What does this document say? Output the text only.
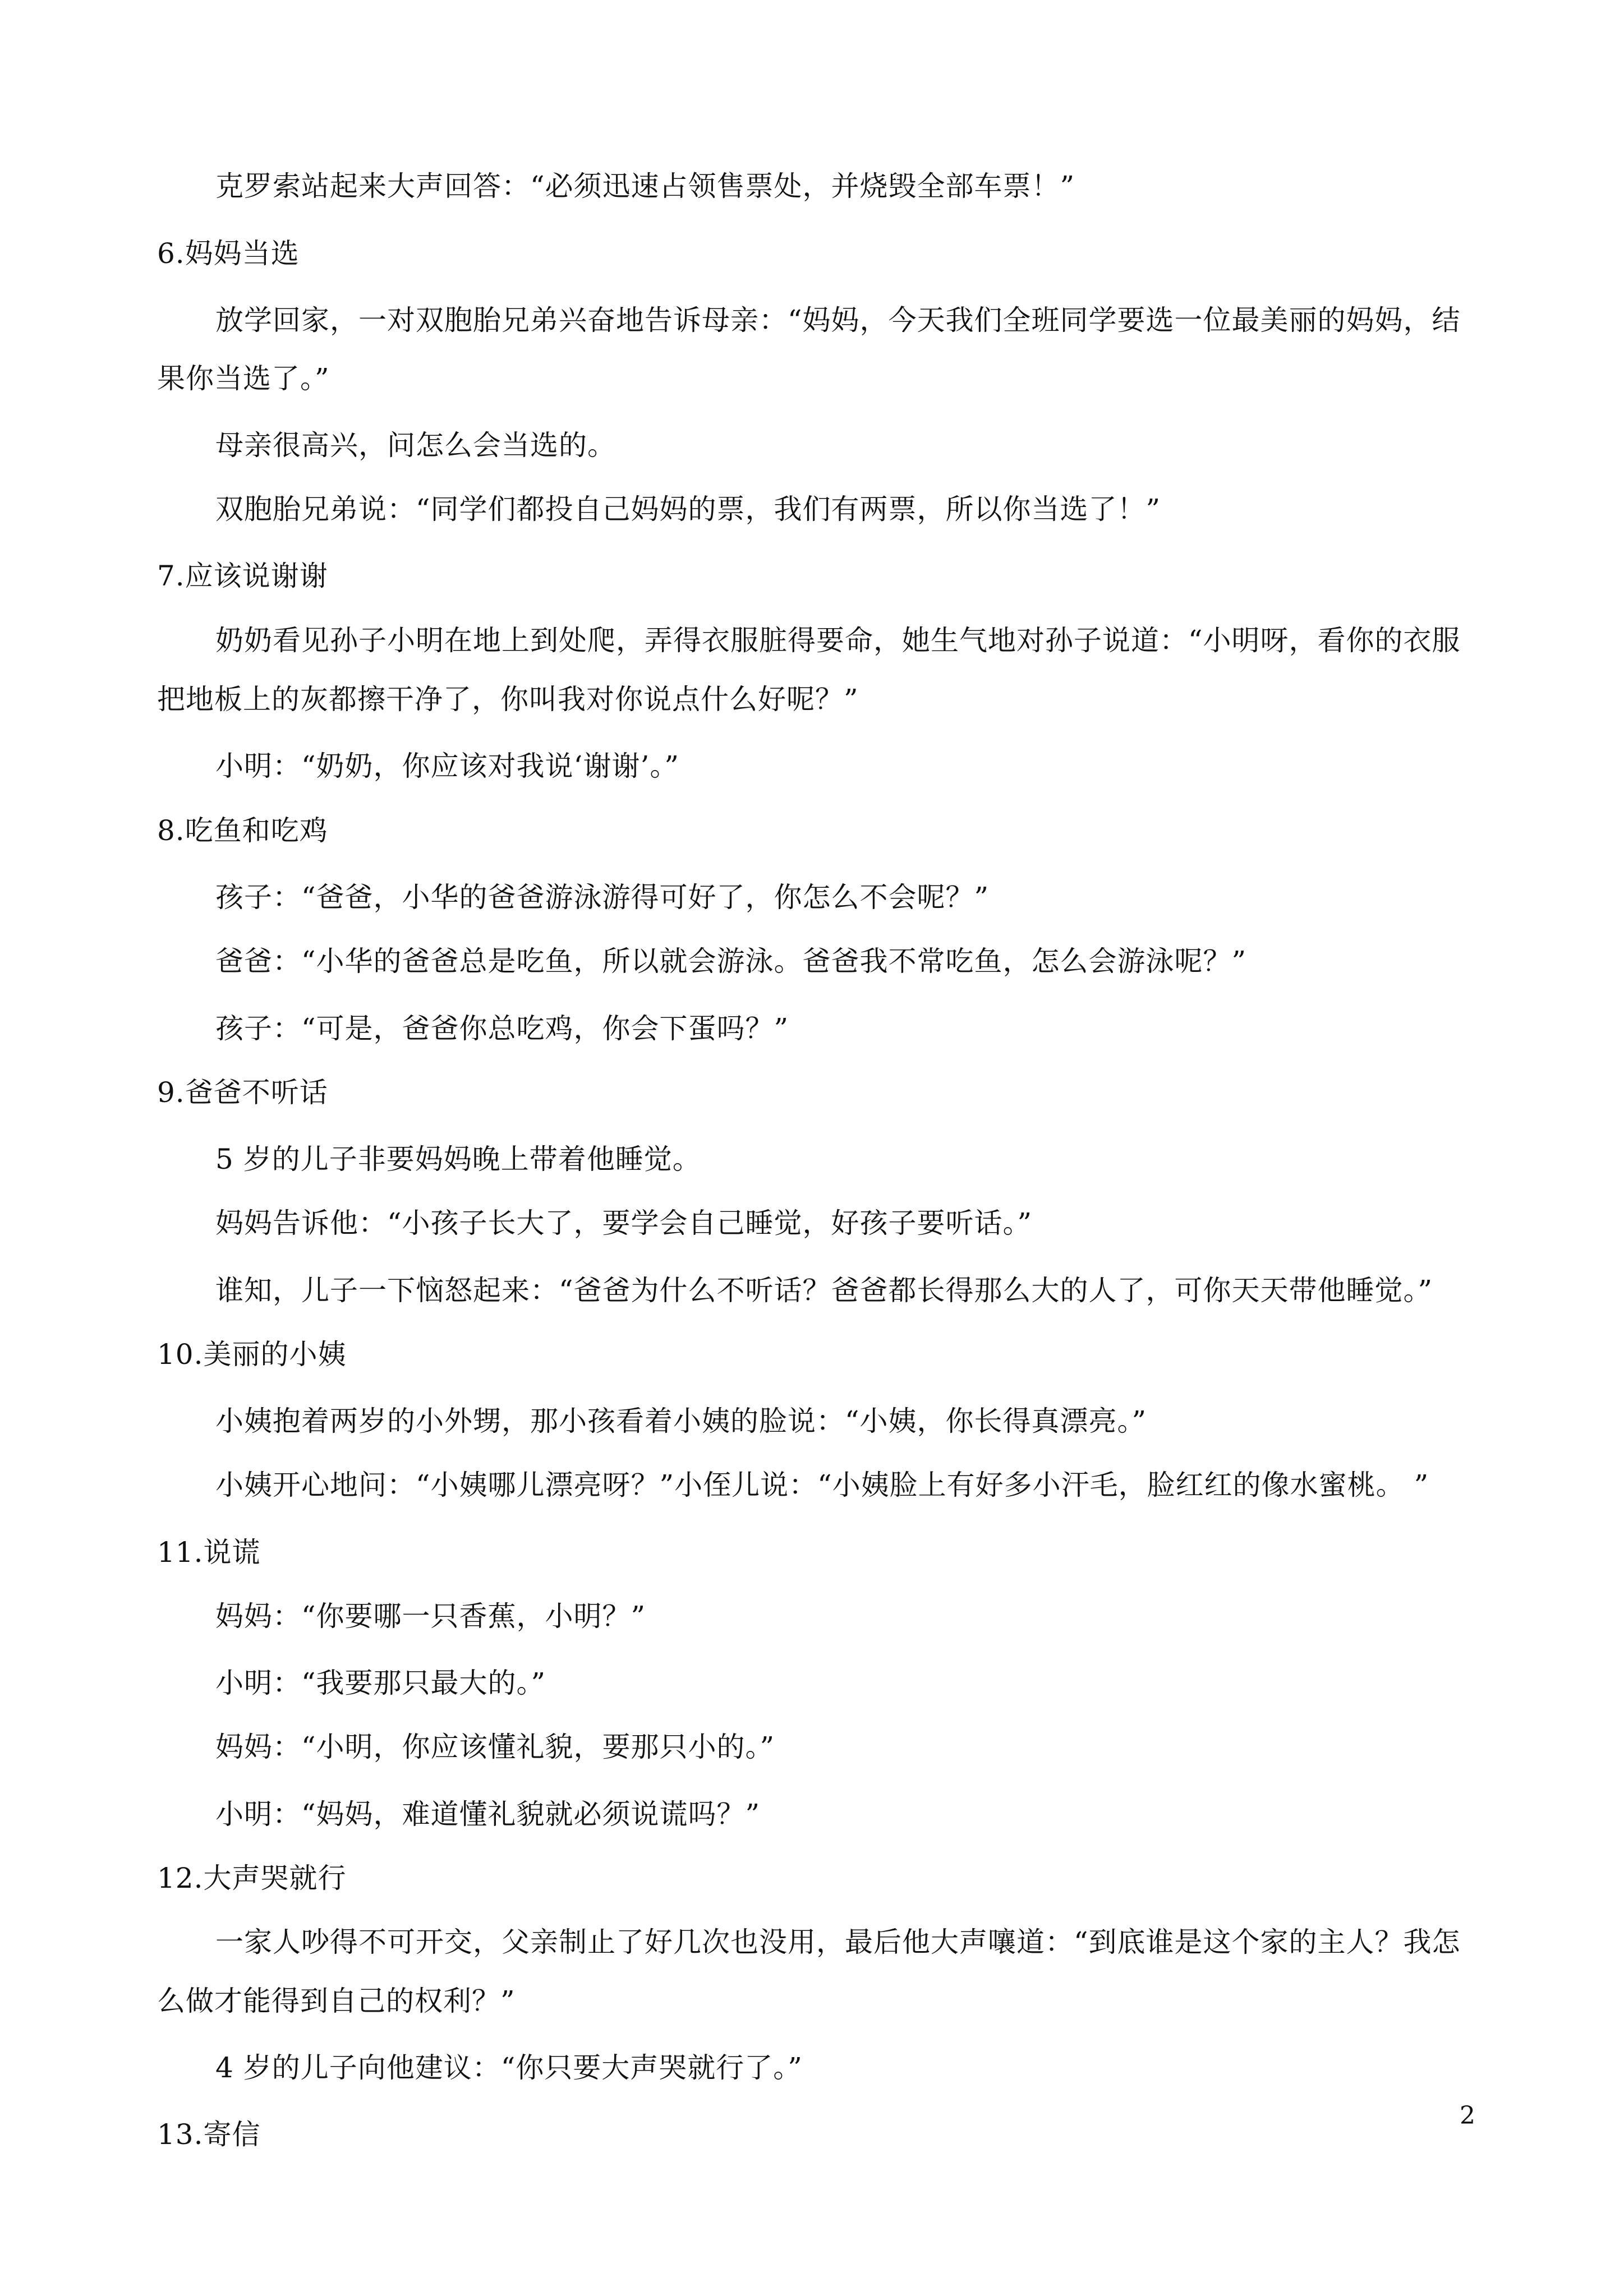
克罗索站起来大声回答：“必须迅速占领售票处，并烧毁全部车票！”

6.妈妈当选

放学回家，一对双胞胎兄弟兴奋地告诉母亲：“妈妈，今天我们全班同学要选一位最美丽的妈妈，结

果你当选了。”

母亲很高兴，问怎么会当选的。

双胞胎兄弟说：“同学们都投自己妈妈的票，我们有两票，所以你当选了！”

7.应该说谢谢

奶奶看见孙子小明在地上到处爬，弄得衣服脏得要命，她生气地对孙子说道：“小明呀，看你的衣服

把地板上的灰都擦干净了，你叫我对你说点什么好呢？”

小明：“奶奶，你应该对我说‘谢谢’。”

8.吃鱼和吃鸡

孩子：“爸爸，小华的爸爸游泳游得可好了，你怎么不会呢？”

爸爸：“小华的爸爸总是吃鱼，所以就会游泳。爸爸我不常吃鱼，怎么会游泳呢？”

孩子：“可是，爸爸你总吃鸡，你会下蛋吗？”

9.爸爸不听话

5 岁的儿子非要妈妈晚上带着他睡觉。

妈妈告诉他：“小孩子长大了，要学会自己睡觉，好孩子要听话。”

谁知，儿子一下恼怒起来：“爸爸为什么不听话？爸爸都长得那么大的人了，可你天天带他睡觉。”

10.美丽的小姨

小姨抱着两岁的小外甥，那小孩看着小姨的脸说：“小姨，你长得真漂亮。”

小姨开心地问：“小姨哪儿漂亮呀？”小侄儿说：“小姨脸上有好多小汗毛，脸红红的像水蜜桃。 ”

11.说谎

妈妈：“你要哪一只香蕉，小明？”

小明：“我要那只最大的。”

妈妈：“小明，你应该懂礼貌，要那只小的。”

小明：“妈妈，难道懂礼貌就必须说谎吗？”

12.大声哭就行

一家人吵得不可开交，父亲制止了好几次也没用，最后他大声嚷道：“到底谁是这个家的主人？我怎

么做才能得到自己的权利？”

4 岁的儿子向他建议：“你只要大声哭就行了。”

13.寄信

2
